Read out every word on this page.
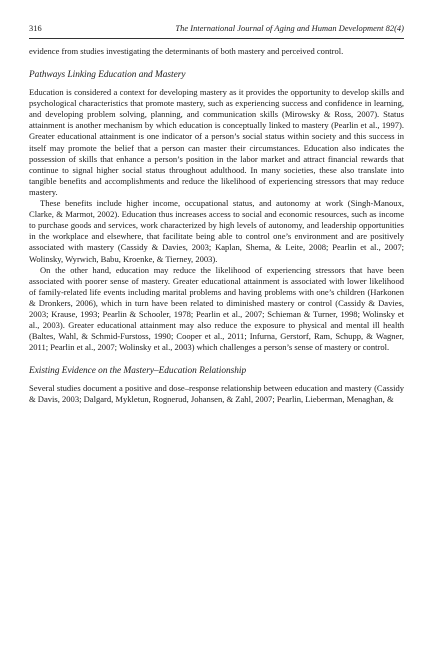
316	The International Journal of Aging and Human Development 82(4)

evidence from studies investigating the determinants of both mastery and perceived control.

Pathways Linking Education and Mastery

Education is considered a context for developing mastery as it provides the opportunity to develop skills and psychological characteristics that promote mastery, such as experiencing success and confidence in learning, and developing problem solving, planning, and communication skills (Mirowsky & Ross, 2007). Status attainment is another mechanism by which education is conceptually linked to mastery (Pearlin et al., 1997). Greater educational attainment is one indicator of a person’s social status within society and this success in itself may promote the belief that a person can master their circumstances. Education also indicates the possession of skills that enhance a person’s position in the labor market and attract financial rewards that continue to signal higher social status throughout adulthood. In many societies, these also translate into tangible benefits and accomplishments and reduce the likelihood of experiencing stressors that may reduce mastery.

These benefits include higher income, occupational status, and autonomy at work (Singh-Manoux, Clarke, & Marmot, 2002). Education thus increases access to social and economic resources, such as income to purchase goods and services, work characterized by high levels of autonomy, and leadership opportunities in the workplace and elsewhere, that facilitate being able to control one’s environment and are positively associated with mastery (Cassidy & Davies, 2003; Kaplan, Shema, & Leite, 2008; Pearlin et al., 2007; Wolinsky, Wyrwich, Babu, Kroenke, & Tierney, 2003).

On the other hand, education may reduce the likelihood of experiencing stressors that have been associated with poorer sense of mastery. Greater educational attainment is associated with lower likelihood of family-related life events including marital problems and having problems with one’s children (Harkonen & Dronkers, 2006), which in turn have been related to diminished mastery or control (Cassidy & Davies, 2003; Krause, 1993; Pearlin & Schooler, 1978; Pearlin et al., 2007; Schieman & Turner, 1998; Wolinsky et al., 2003). Greater educational attainment may also reduce the exposure to physical and mental ill health (Baltes, Wahl, & Schmid-Furstoss, 1990; Cooper et al., 2011; Infurna, Gerstorf, Ram, Schupp, & Wagner, 2011; Pearlin et al., 2007; Wolinsky et al., 2003) which challenges a person’s sense of mastery or control.

Existing Evidence on the Mastery–Education Relationship

Several studies document a positive and dose–response relationship between education and mastery (Cassidy & Davis, 2003; Dalgard, Mykletun, Rognerud, Johansen, & Zahl, 2007; Pearlin, Lieberman, Menaghan, &
